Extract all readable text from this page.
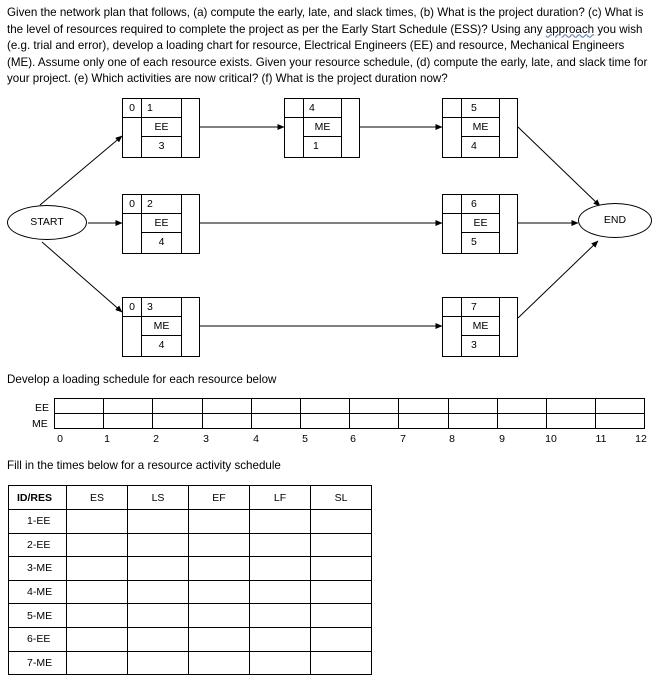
Given the network plan that follows, (a) compute the early, late, and slack times, (b) What is the project duration? (c) What is the level of resources required to complete the project as per the Early Start Schedule (ESS)? Using any approach you wish (e.g. trial and error), develop a loading chart for resource, Electrical Engineers (EE) and resource, Mechanical Engineers (ME). Assume only one of each resource exists. Given your resource schedule, (d) compute the early, late, and slack time for your project. (e) Which activities are now critical? (f) What is the project duration now?

START	END
0	1
EE
3
0	2
EE
4
0	3
ME
4
4
ME
1
5
ME
4
6
EE
5
7
ME
3
Develop a loading schedule for each resource below
EE
ME

0	1	2	3	4	5	6	7	8	9	10	11	12
Fill in the times below for a resource activity schedule
ID/RES	ES	LS	EF	LF	SL
1-EE					
2-EE					
3-ME					
4-ME					
5-ME					
6-EE					
7-ME					
